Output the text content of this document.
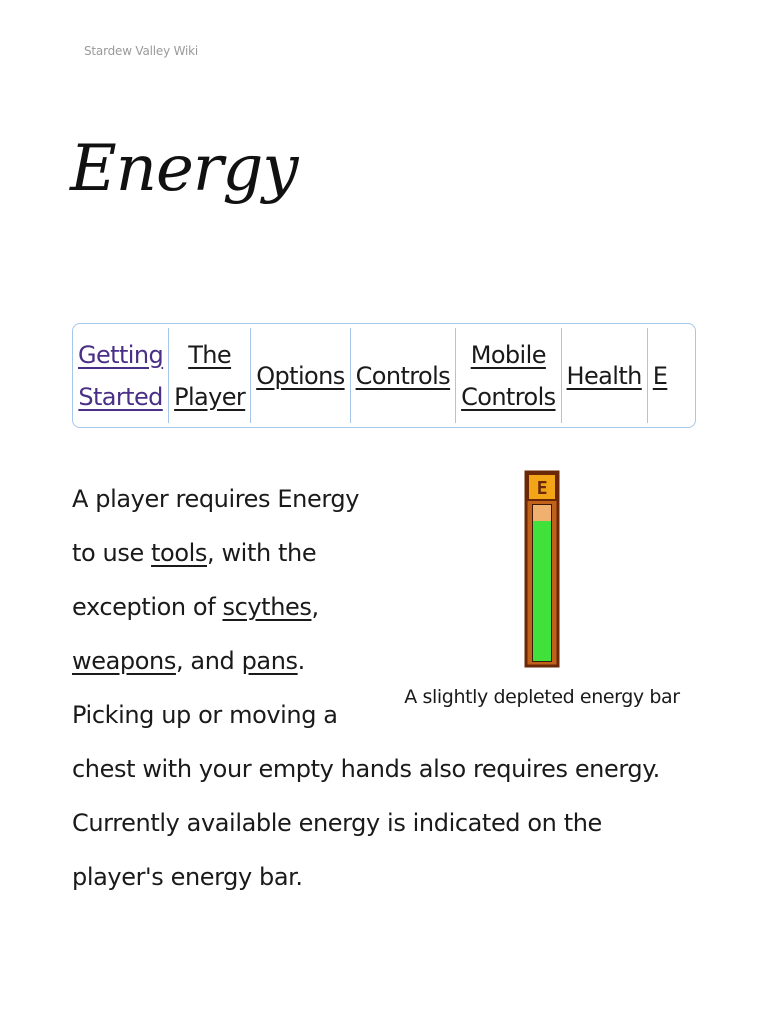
Stardew Valley Wiki
Energy
Getting
Started
The
Player
Options Controls
Mobile
Controls
Health E
E
A slightly depleted energy bar
A player requires Energy to use tools, with the exception of scythes, weapons, and pans. Picking up or moving a chest with your empty hands also requires energy. Currently available energy is indicated on the player's energy bar.
